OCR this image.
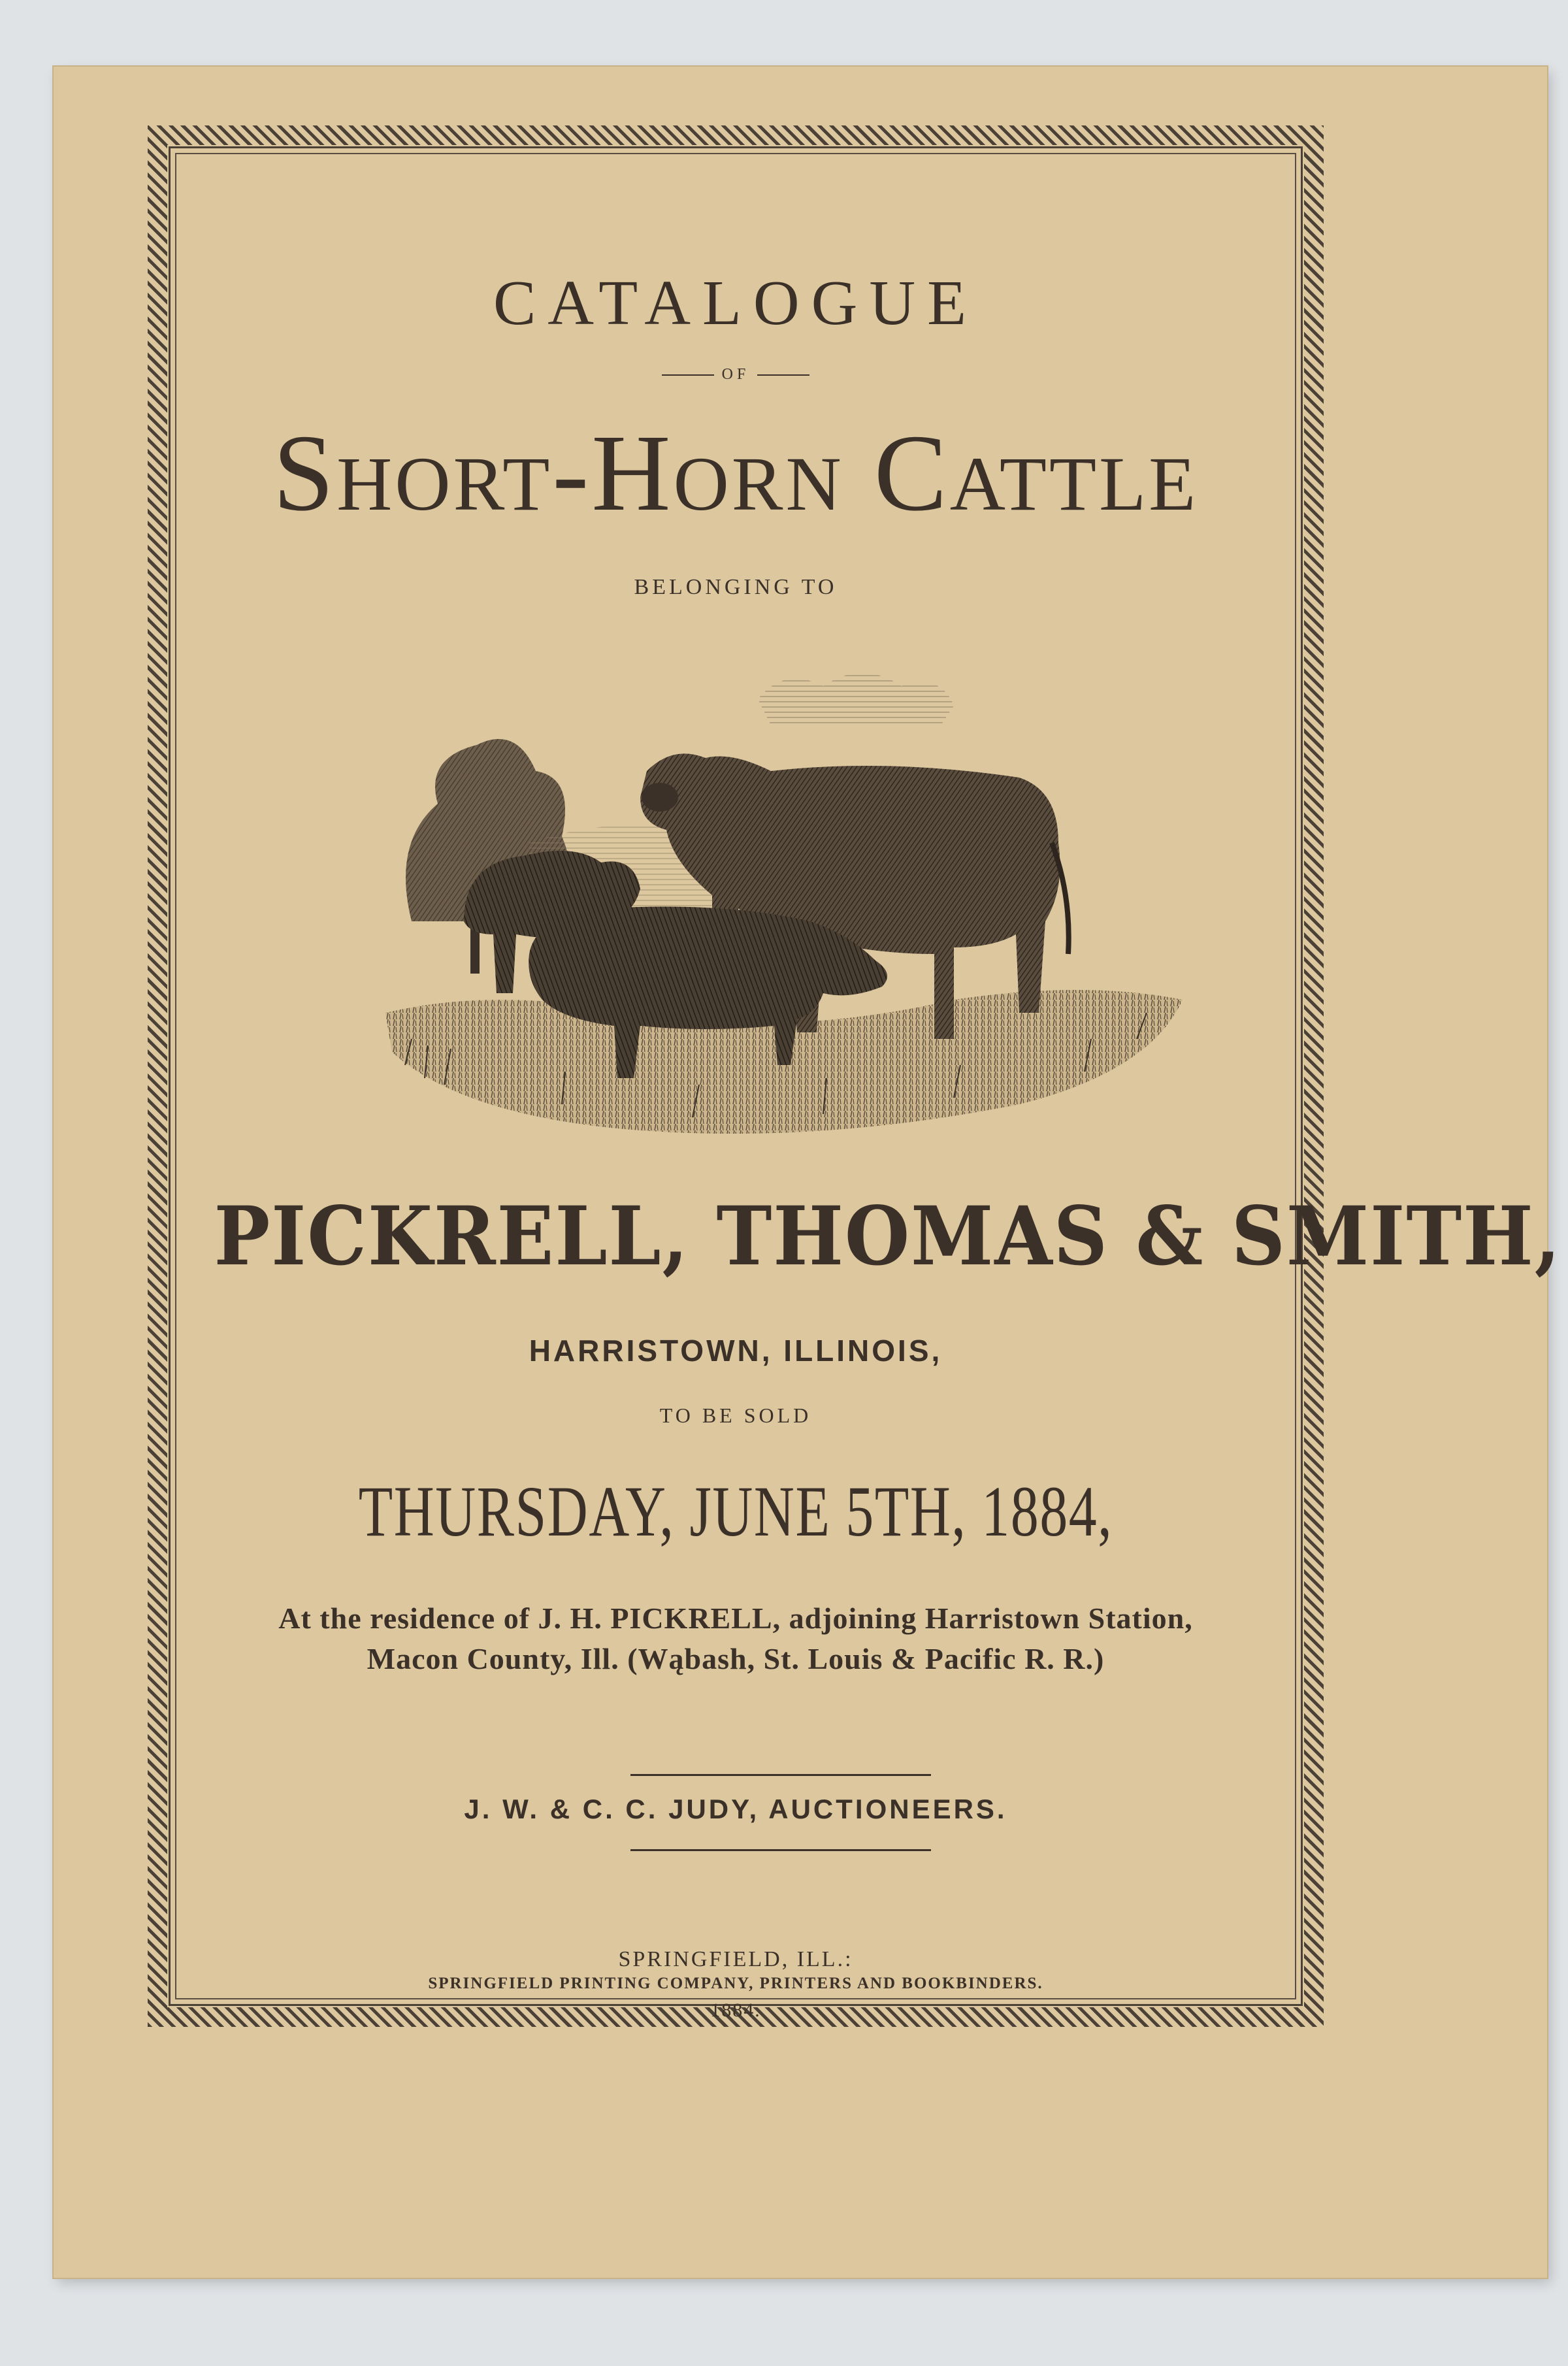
CATALOGUE
OF
Short-Horn Cattle
BELONGING TO
PICKRELL, THOMAS & SMITH,
HARRISTOWN, ILLINOIS,
TO BE SOLD
THURSDAY, JUNE 5TH, 1884,
At the residence of J. H. PICKRELL, adjoining Harristown Station,
Macon County, Ill. (Wąbash, St. Louis & Pacific R. R.)
J. W. & C. C. JUDY, AUCTIONEERS.
SPRINGFIELD, ILL.:
SPRINGFIELD PRINTING COMPANY, PRINTERS AND BOOKBINDERS.
1884.
